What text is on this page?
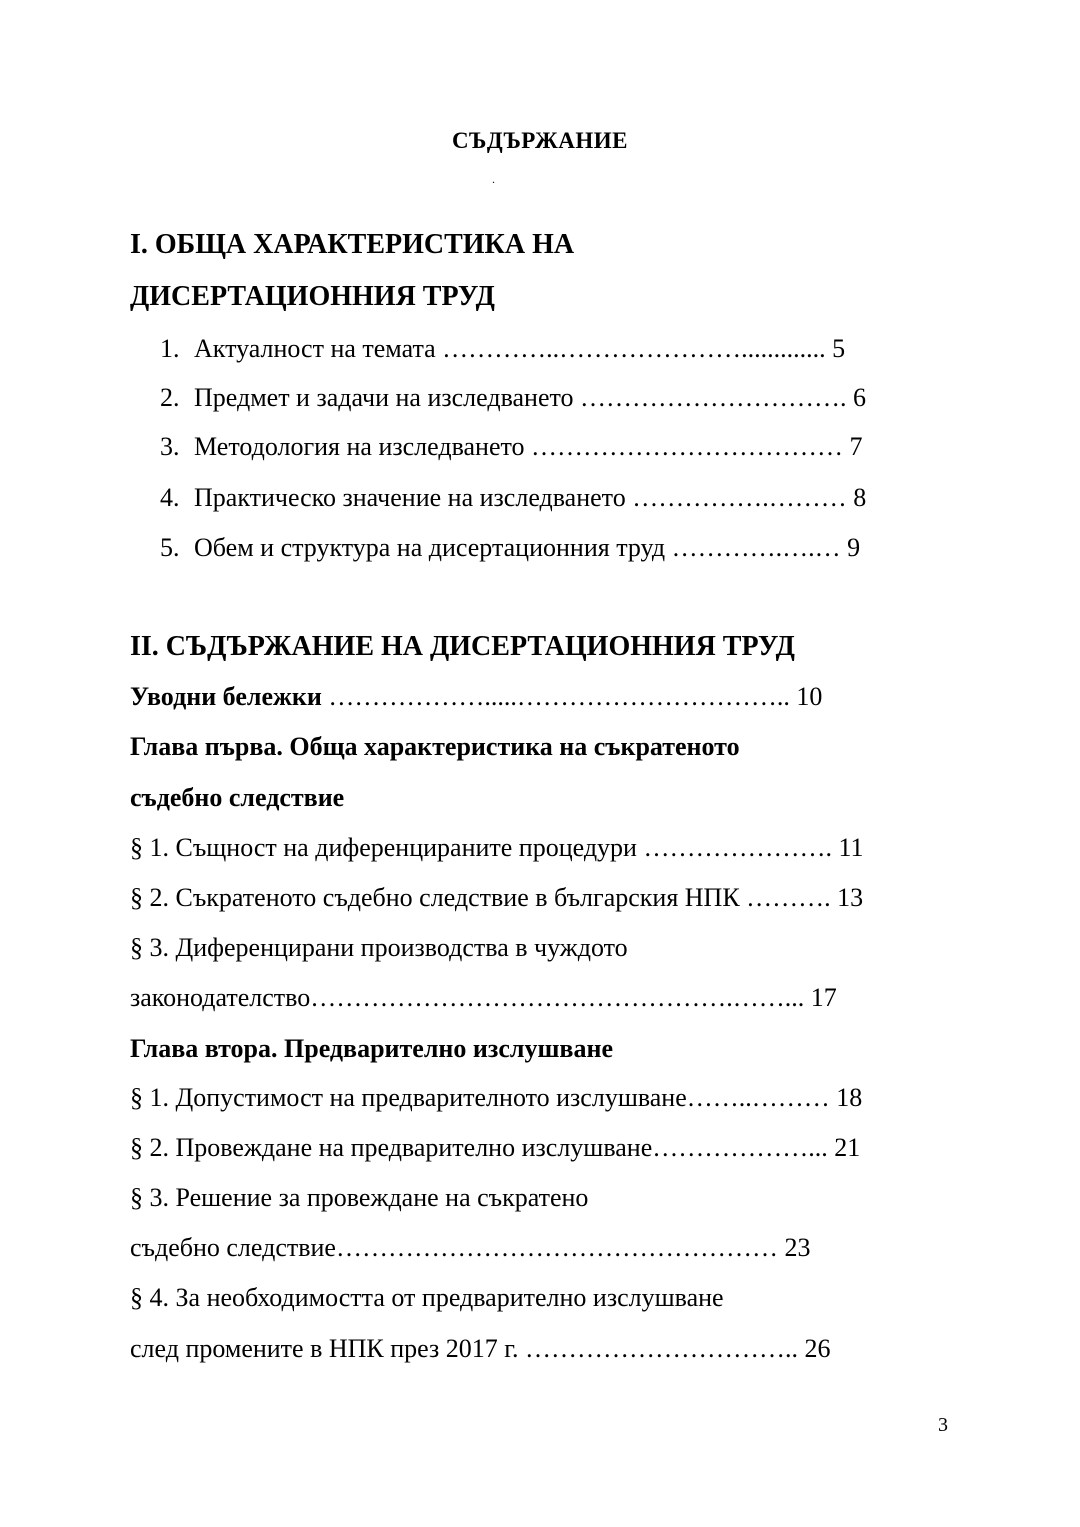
СЪДЪРЖАНИЕ
.
I. ОБЩА ХАРАКТЕРИСТИКА НА
ДИСЕРТАЦИОННИЯ ТРУД
1. Актуалност на темата …………..…………………............. 5
2. Предмет и задачи на изследването …………………………. 6
3. Методология на изследването ……………………………… 7
4. Практическо значение на изследването …………….……… 8
5. Обем и структура на дисертационния труд ………….….… 9
II. СЪДЪРЖАНИЕ НА ДИСЕРТАЦИОННИЯ ТРУД
Уводни бележки ……………….....………………………….. 10
Глава първа. Обща характеристика на съкратеното
съдебно следствие
§ 1. Същност на диференцираните процедури …………………. 11
§ 2. Съкратеното съдебно следствие в българския НПК ………. 13
§ 3. Диференцирани производства в чуждото
законодателство………………………………………….……... 17
Глава втора. Предварително изслушване
§ 1. Допустимост на предварителното изслушване……..……… 18
§ 2. Провеждане на предварително изслушване………………... 21
§ 3. Решение за провеждане на съкратено
съдебно следствие…………………………………………… 23
§ 4. За необходимостта от предварително изслушване
след промените в НПК през 2017 г. ………………………….. 26
3
